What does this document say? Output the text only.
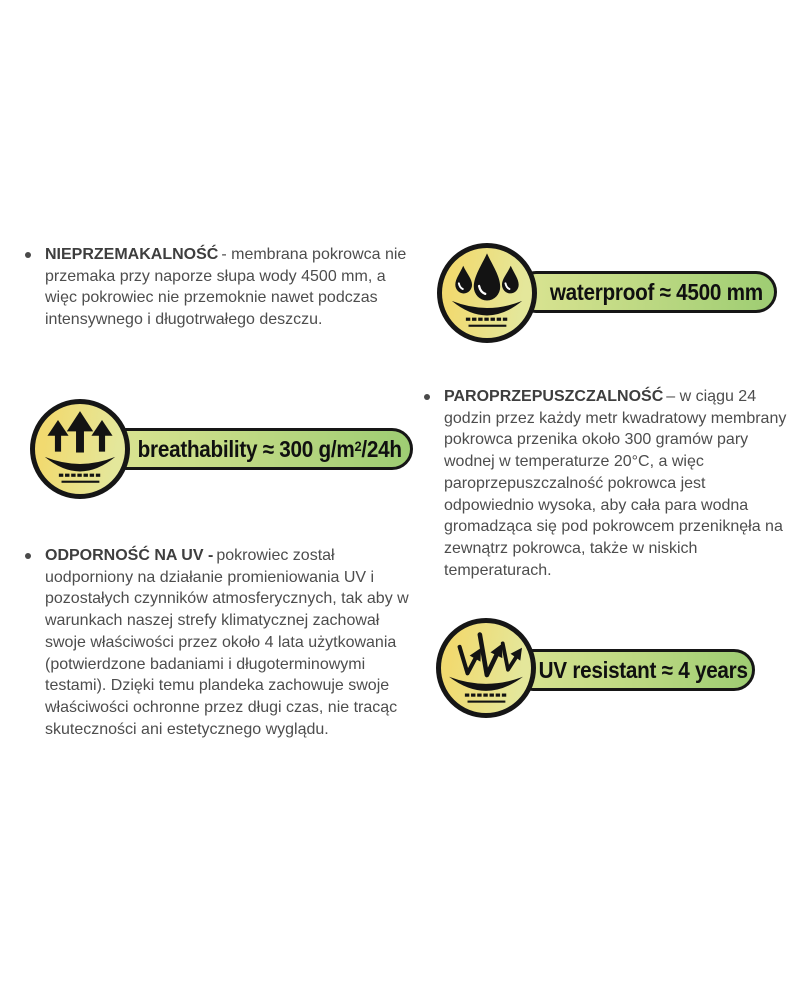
NIEPRZEMAKALNOŚĆ - membrana pokrowca nie przemaka przy naporze słupa wody 4500 mm, a więc pokrowiec nie przemoknie nawet podczas intensywnego i długotrwałego deszczu.

waterproof ≈ 4500 mm

PAROPRZEPUSZCZALNOŚĆ – w ciągu 24 godzin przez każdy metr kwadratowy membrany pokrowca przenika około 300 gramów pary wodnej w temperaturze 20°C, a więc paroprzepuszczalność pokrowca jest odpowiednio wysoka, aby cała para wodna gromadząca się pod pokrowcem przeniknęła na zewnątrz pokrowca, także w niskich temperaturach.

breathability ≈ 300 $g/m^2/24h$

ODPORNOŚĆ NA UV - pokrowiec został uodporniony na działanie promieniowania UV i pozostałych czynników atmosferycznych, tak aby w warunkach naszej strefy klimatycznej zachował swoje właściwości przez około 4 lata użytkowania (potwierdzone badaniami i długoterminowymi testami). Dzięki temu plandeka zachowuje swoje właściwości ochronne przez długi czas, nie tracąc skuteczności ani estetycznego wyglądu.

UV resistant ≈ 4 years
